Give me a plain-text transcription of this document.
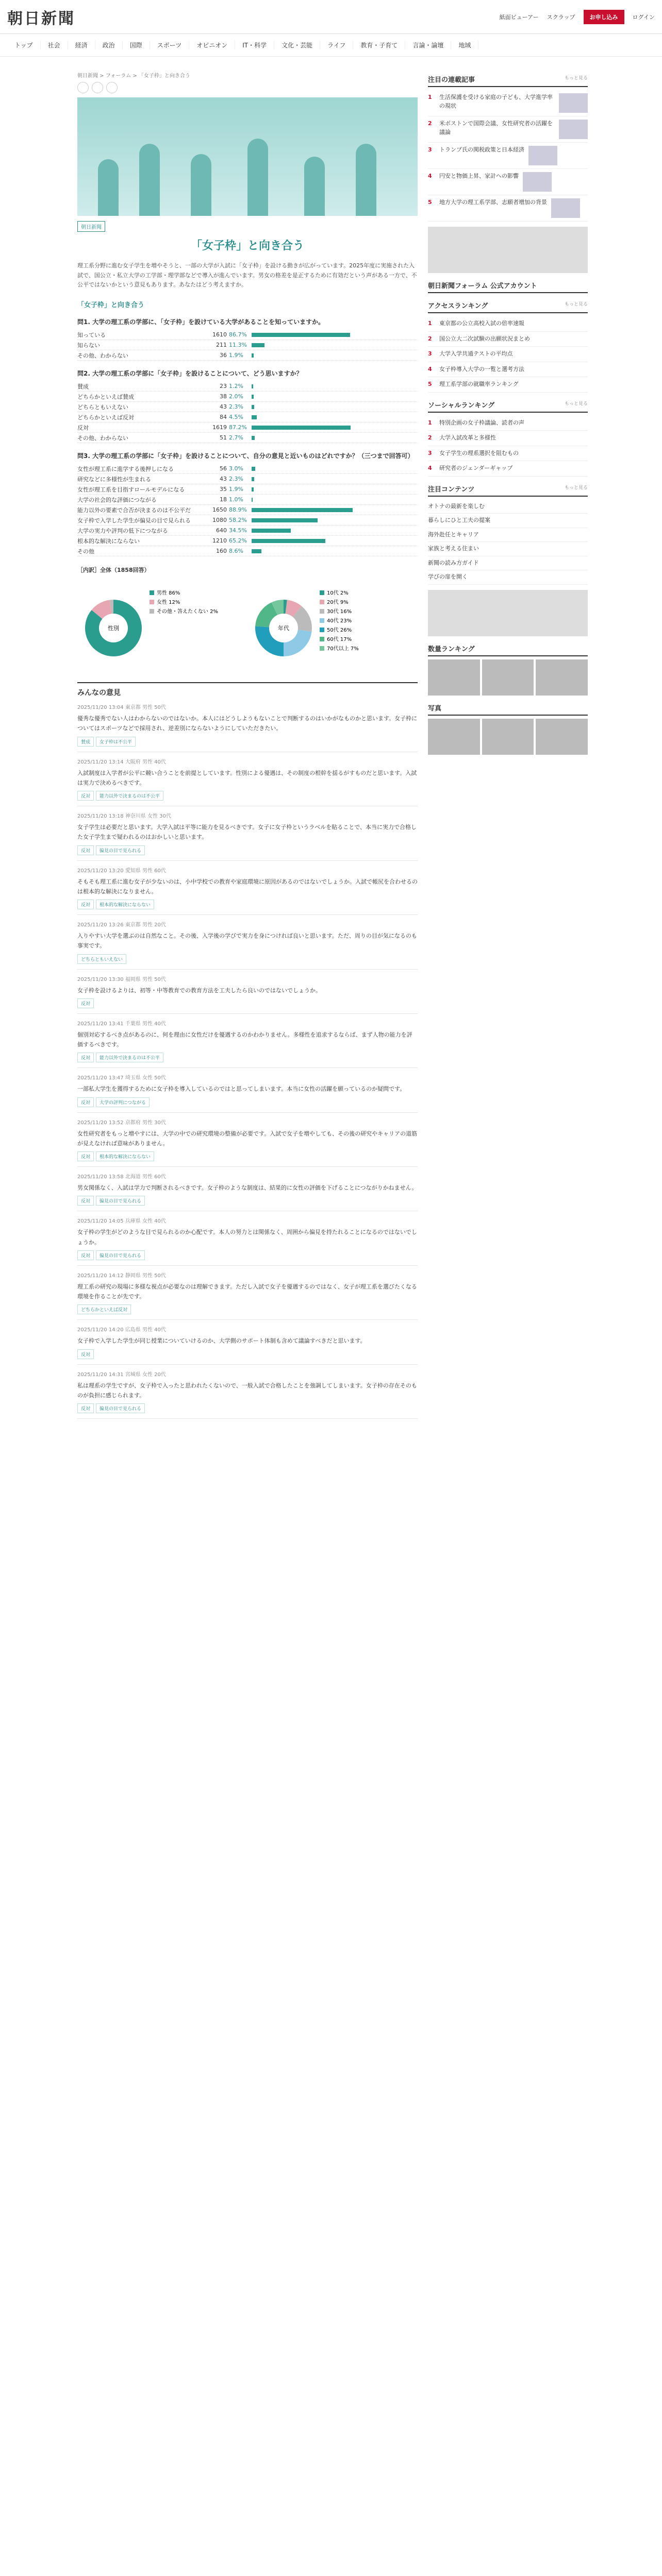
朝日新聞	紙面ビューアー スクラップ	お申し込み	ログイン
トップ	社会	経済	政治	国際	スポーツ	オピニオン	IT・科学	文化・芸能	ライフ	教育・子育て	言論・論壇	地域
朝日新聞 > フォーラム > 「女子枠」と向き合う
朝日新聞
「女子枠」と向き合う

理工系分野に進む女子学生を増やそうと、一部の大学が入試に「女子枠」を設ける動きが広がっています。2025年度に実施された入試で、国公立・私立大学の工学部・理学部などで導入が進んでいます。男女の格差を是正するために有効だという声がある一方で、不公平ではないかという意見もあります。あなたはどう考えますか。

「女子枠」と向き合う
問1. 大学の理工系の学部に、「女子枠」を設けている大学があることを知っていますか。
知っている	1610 86.7%
知らない	211 11.3%
その他、わからない	36 1.9%
問2. 大学の理工系の学部に「女子枠」を設けることについて、どう思いますか？
賛成	23 1.2%
どちらかといえば賛成	38 2.0%
どちらともいえない	43 2.3%
どちらかといえば反対	84 4.5%
反対	1619 87.2%
その他、わからない	51 2.7%
問3. 大学の理工系の学部に「女子枠」を設けることについて、自分の意見と近いものはどれですか？（三つまで回答可）
女性が理工系に進学する後押しになる	56 3.0%
研究などに多様性が生まれる	43 2.3%
女性が理工系を目指すロールモデルになる	35 1.9%
大学の社会的な評価につながる	18 1.0%
能力以外の要素で合否が決まるのは不公平だ	1650 88.9%
女子枠で入学した学生が偏見の目で見られる	1080 58.2%
大学の実力や評判の低下につながる	640 34.5%
根本的な解決にならない	1210 65.2%
その他	160 8.6%
［内訳］全体（1858回答）
性別
男性 86%
女性 12%
その他・答えたくない 2%
年代
10代 2%
20代 9%
30代 16%
40代 23%
50代 26%
60代 17%
70代以上 7%
みんなの意見
2025/11/20 13:04 東京都 男性 50代
優秀な優秀でない人はわからないのではないか。本人にはどうしようもないことで判断するのはいかがなものかと思います。女子枠についてはスポーツなどで採用され、逆差別にならないようにしていただきたい。
賛成	女子枠は不公平
2025/11/20 13:14 大阪府 男性 40代
入試制度は入学者が公平に競い合うことを前提としています。性別による優遇は、その制度の根幹を揺るがすものだと思います。入試は実力で決めるべきです。
反対	能力以外で決まるのは不公平
2025/11/20 13:18 神奈川県 女性 30代
女子学生は必要だと思います。大学入試は平等に能力を見るべきです。女子に女子枠というラベルを貼ることで、本当に実力で合格した女子学生まで疑われるのはおかしいと思います。
反対	偏見の目で見られる
2025/11/20 13:20 愛知県 男性 60代
そもそも理工系に進む女子が少ないのは、小中学校での教育や家庭環境に原因があるのではないでしょうか。入試で帳尻を合わせるのは根本的な解決になりません。
反対	根本的な解決にならない
2025/11/20 13:26 東京都 男性 20代
入りやすい大学を選ぶのは自然なこと。その後、入学後の学びで実力を身につければ良いと思います。ただ、周りの目が気になるのも事実です。
どちらともいえない
2025/11/20 13:30 福岡県 男性 50代
女子枠を設けるよりは、初等・中等教育での教育方法を工夫したら良いのではないでしょうか。
反対
2025/11/20 13:41 千葉県 男性 40代
個別対応するべき点があるのに、何を理由に女性だけを優遇するのかわかりません。多様性を追求するならば、まず人物の能力を評価するべきです。
反対	能力以外で決まるのは不公平
2025/11/20 13:47 埼玉県 女性 50代
一部私大学生を獲得するために女子枠を導入しているのではと思ってしまいます。本当に女性の活躍を願っているのか疑問です。
反対	大学の評判につながる
2025/11/20 13:52 京都府 男性 30代
女性研究者をもっと増やすには、大学の中での研究環境の整備が必要です。入試で女子を増やしても、その後の研究やキャリアの道筋が見えなければ意味がありません。
反対	根本的な解決にならない
2025/11/20 13:58 北海道 男性 60代
男女関係なく、入試は学力で判断されるべきです。女子枠のような制度は、結果的に女性の評価を下げることにつながりかねません。
反対	偏見の目で見られる
2025/11/20 14:05 兵庫県 女性 40代
女子枠の学生がどのような目で見られるのか心配です。本人の努力とは関係なく、周囲から偏見を持たれることになるのではないでしょうか。
反対	偏見の目で見られる
2025/11/20 14:12 静岡県 男性 50代
理工系の研究の現場に多様な視点が必要なのは理解できます。ただし入試で女子を優遇するのではなく、女子が理工系を選びたくなる環境を作ることが先です。
どちらかといえば反対
2025/11/20 14:20 広島県 男性 40代
女子枠で入学した学生が同じ授業についていけるのか、大学側のサポート体制も含めて議論すべきだと思います。
反対
2025/11/20 14:31 宮城県 女性 20代
私は理系の学生ですが、女子枠で入ったと思われたくないので、一般入試で合格したことを強調してしまいます。女子枠の存在そのものが負担に感じられます。
反対	偏見の目で見られる
注目の連載記事	もっと見る
1	生活保護を受ける家庭の子ども、大学進学率の現状
2	米ボストンで国際会議、女性研究者の活躍を議論
3	トランプ氏の関税政策と日本経済
4	円安と物価上昇、家計への影響
5	地方大学の理工系学部、志願者増加の背景
朝日新聞フォーラム 公式アカウント
アクセスランキング	もっと見る
1	東京都の公立高校入試の倍率速報
2	国公立大二次試験の出願状況まとめ
3	大学入学共通テストの平均点
4	女子枠導入大学の一覧と選考方法
5	理工系学部の就職率ランキング
ソーシャルランキング	もっと見る
1	特別企画の女子枠議論、読者の声
2	大学入試改革と多様性
3	女子学生の理系選択を阻むもの
4	研究者のジェンダーギャップ
注目コンテンツ	もっと見る
オトナの最新を楽しむ
暮らしにひと工夫の提案
海外赴任とキャリア
家族と考える住まい
新聞の読み方ガイド
学びの扉を開く
数量ランキング
写真
